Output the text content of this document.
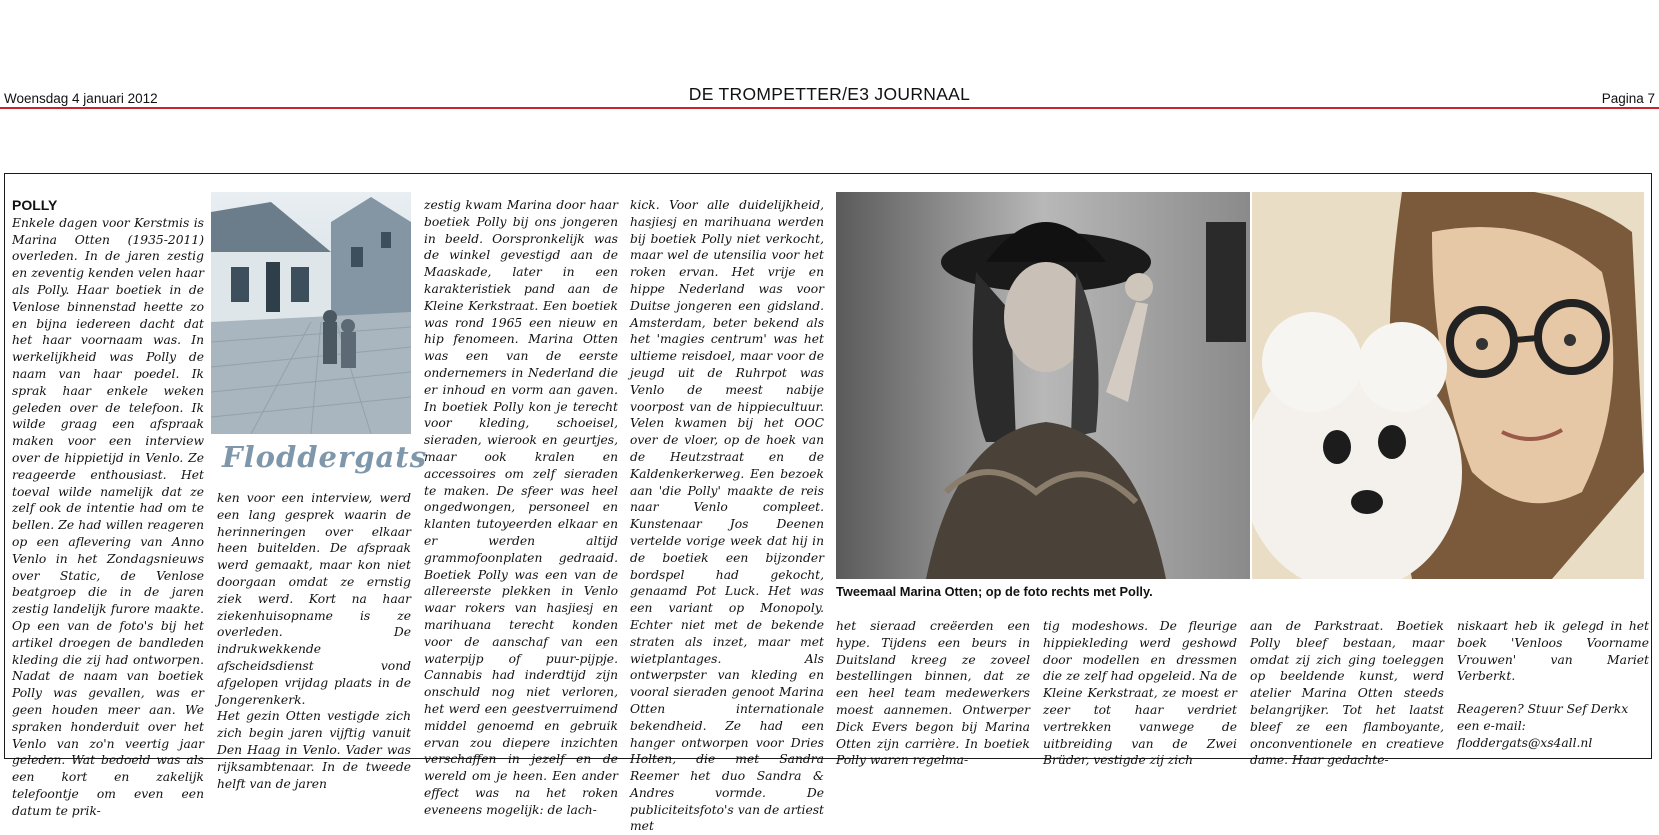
Woensdag 4 januari 2012	DE TROMPETTER/E3 JOURNAAL	Pagina 7
POLLY

Enkele dagen voor Kerstmis is Marina Otten (1935-2011) overleden. In de jaren zestig en zeventig kenden velen haar als Polly. Haar boetiek in de Venlose binnenstad heette zo en bijna iedereen dacht dat het haar voornaam was. In werkelijkheid was Polly de naam van haar poedel. Ik sprak haar enkele weken geleden over de telefoon. Ik wilde graag een afspraak maken voor een interview over de hippietijd in Venlo. Ze reageerde enthousiast. Het toeval wilde namelijk dat ze zelf ook de intentie had om te bellen. Ze had willen reageren op een aflevering van Anno Venlo in het Zondagsnieuws over Static, de Venlose beatgroep die in de jaren zestig landelijk furore maakte. Op een van de foto's bij het artikel droegen de bandleden kleding die zij had ontworpen. Nadat de naam van boetiek Polly was gevallen, was er geen houden meer aan. We spraken honderduit over het Venlo van zo'n veertig jaar geleden. Wat bedoeld was als een kort en zakelijk telefoontje om even een datum te prik-

Floddergats

ken voor een interview, werd een lang gesprek waarin de herinneringen over elkaar heen buitelden. De afspraak werd gemaakt, maar kon niet doorgaan omdat ze ernstig ziek werd. Kort na haar ziekenhuisopname is ze overleden. De indrukwekkende afscheidsdienst vond afgelopen vrijdag plaats in de Jongerenkerk.

Het gezin Otten vestigde zich zich begin jaren vijftig vanuit Den Haag in Venlo. Vader was rijksambtenaar. In de tweede helft van de jaren

zestig kwam Marina door haar boetiek Polly bij ons jongeren in beeld. Oorspronkelijk was de winkel gevestigd aan de Maaskade, later in een karakteristiek pand aan de Kleine Kerkstraat. Een boetiek was rond 1965 een nieuw en hip fenomeen. Marina Otten was een van de eerste ondernemers in Nederland die er inhoud en vorm aan gaven. In boetiek Polly kon je terecht voor kleding, schoeisel, sieraden, wierook en geurtjes, maar ook kralen en accessoires om zelf sieraden te maken. De sfeer was heel ongedwongen, personeel en klanten tutoyeerden elkaar en er werden altijd grammofoonplaten gedraaid. Boetiek Polly was een van de allereerste plekken in Venlo waar rokers van hasjiesj en marihuana terecht konden voor de aanschaf van een waterpijp of puur-pijpje. Cannabis had inderdtijd zijn onschuld nog niet verloren, het werd een geestverruimend middel genoemd en gebruik ervan zou diepere inzichten verschaffen in jezelf en de wereld om je heen. Een ander effect was na het roken eveneens mogelijk: de lach-

kick. Voor alle duidelijkheid, hasjiesj en marihuana werden bij boetiek Polly niet verkocht, maar wel de utensilia voor het roken ervan. Het vrije en hippe Nederland was voor Duitse jongeren een gidsland. Amsterdam, beter bekend als het 'magies centrum' was het ultieme reisdoel, maar voor de jeugd uit de Ruhrpot was Venlo de meest nabije voorpost van de hippiecultuur. Velen kwamen bij het OOC over de vloer, op de hoek van de Heutzstraat en de Kaldenkerkerweg. Een bezoek aan 'die Polly' maakte de reis naar Venlo compleet. Kunstenaar Jos Deenen vertelde vorige week dat hij in de boetiek een bijzonder bordspel had gekocht, genaamd Pot Luck. Het was een variant op Monopoly. Echter niet met de bekende straten als inzet, maar met wietplantages. Als ontwerpster van kleding en vooral sieraden genoot Marina Otten internationale bekendheid. Ze had een hanger ontworpen voor Dries Holten, die met Sandra Reemer het duo Sandra & Andres vormde. De publiciteitsfoto's van de artiest met

Tweemaal Marina Otten; op de foto rechts met Polly.

het sieraad creëerden een hype. Tijdens een beurs in Duitsland kreeg ze zoveel bestellingen binnen, dat ze een heel team medewerkers moest aannemen. Ontwerper Dick Evers begon bij Marina Otten zijn carrière. In boetiek Polly waren regelma-

tig modeshows. De fleurige hippiekleding werd geshowd door modellen en dressmen die ze zelf had opgeleid. Na de Kleine Kerkstraat, ze moest er zeer tot haar verdriet vertrekken vanwege de uitbreiding van de Zwei Brüder, vestigde zij zich

aan de Parkstraat. Boetiek Polly bleef bestaan, maar omdat zij zich ging toeleggen op beeldende kunst, werd atelier Marina Otten steeds belangrijker. Tot het laatst bleef ze een flamboyante, onconventionele en creatieve dame. Haar gedachte-

niskaart heb ik gelegd in het boek 'Venloos Voorname Vrouwen' van Mariet Verberkt.

Reageren? Stuur Sef Derkx een e-mail: floddergats@xs4all.nl
